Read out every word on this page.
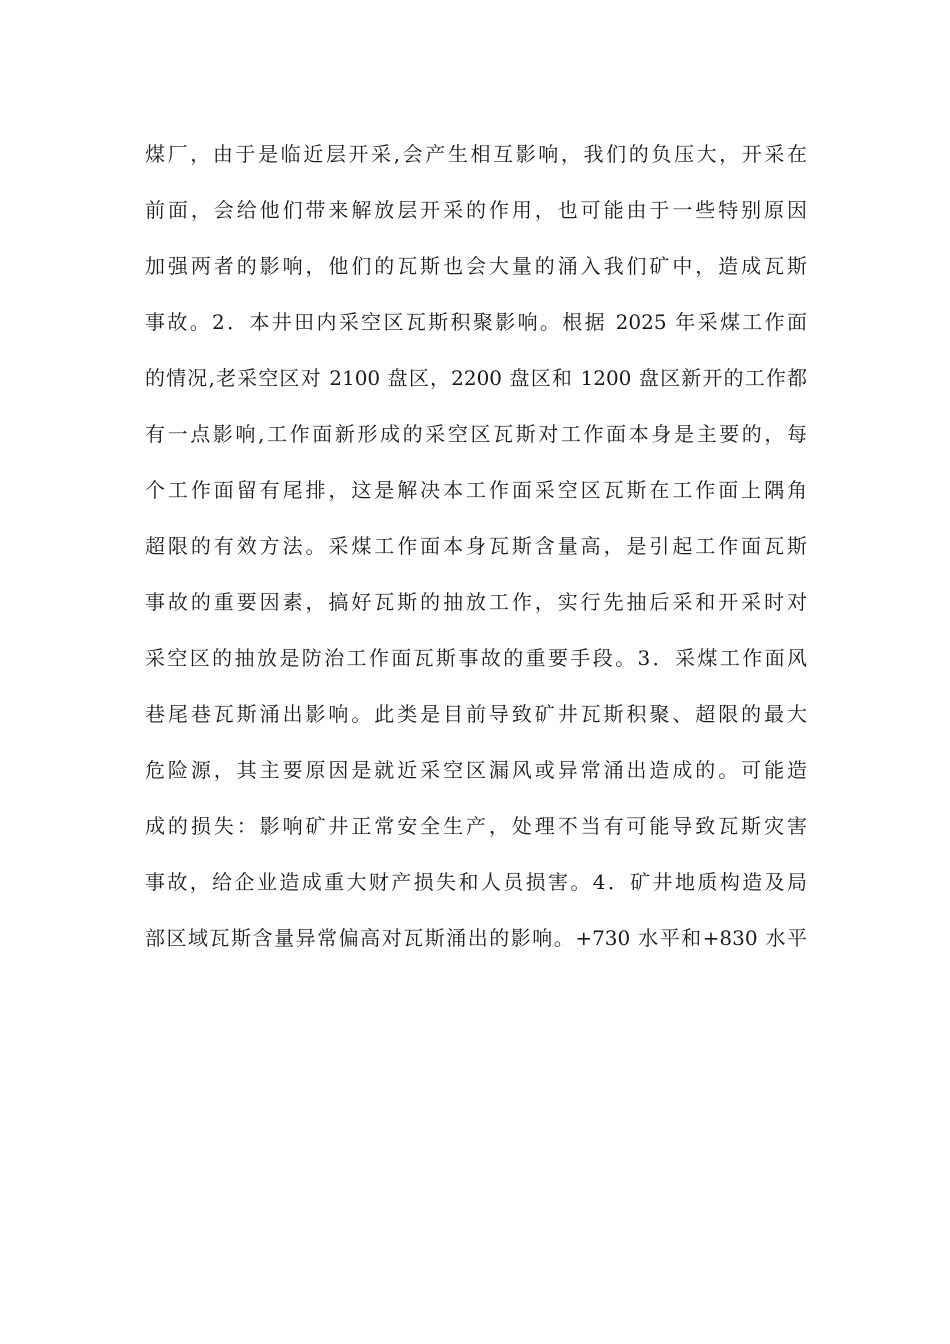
煤厂，由于是临近层开采,会产生相互影响，我们的负压大，开采在
前面，会给他们带来解放层开采的作用，也可能由于一些特别原因
加强两者的影响，他们的瓦斯也会大量的涌入我们矿中，造成瓦斯
事故。2．本井田内采空区瓦斯积聚影响。根据 2025 年采煤工作面
的情况,老采空区对 2100 盘区，2200 盘区和 1200 盘区新开的工作都
有一点影响,工作面新形成的采空区瓦斯对工作面本身是主要的，每
个工作面留有尾排，这是解决本工作面采空区瓦斯在工作面上隅角
超限的有效方法。采煤工作面本身瓦斯含量高，是引起工作面瓦斯
事故的重要因素，搞好瓦斯的抽放工作，实行先抽后采和开采时对
采空区的抽放是防治工作面瓦斯事故的重要手段。3．采煤工作面风
巷尾巷瓦斯涌出影响。此类是目前导致矿井瓦斯积聚、超限的最大
危险源，其主要原因是就近采空区漏风或异常涌出造成的。可能造
成的损失：影响矿井正常安全生产，处理不当有可能导致瓦斯灾害
事故，给企业造成重大财产损失和人员损害。4．矿井地质构造及局
部区域瓦斯含量异常偏高对瓦斯涌出的影响。+730 水平和+830 水平
